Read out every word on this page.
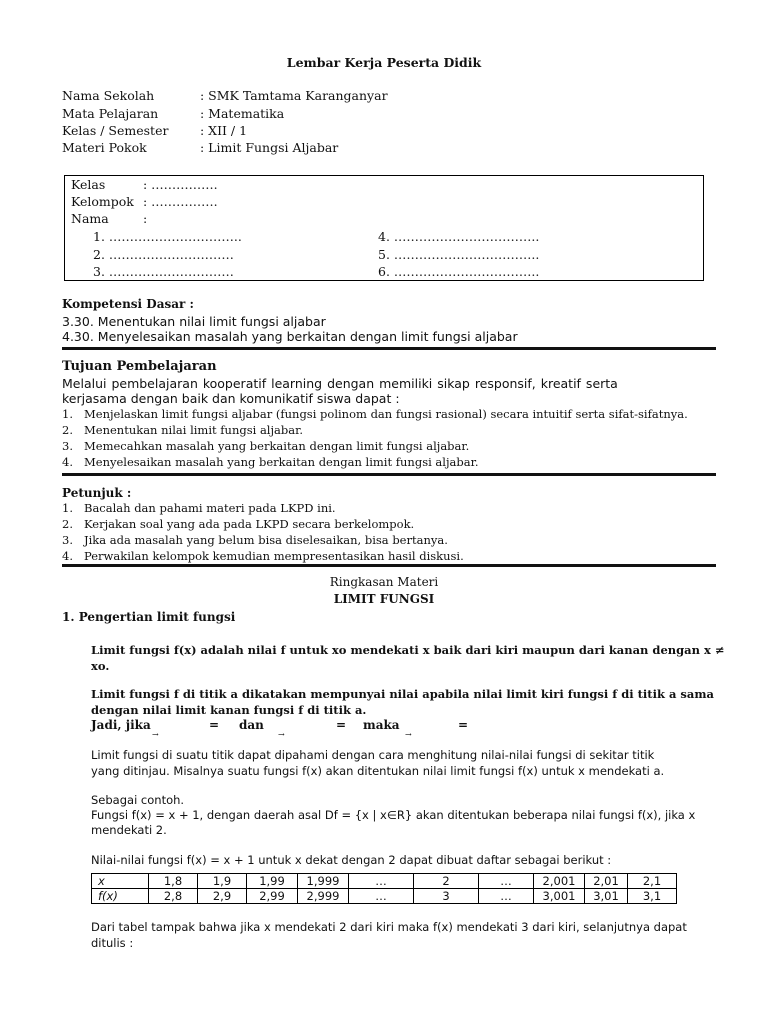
Lembar Kerja Peserta Didik
Nama Sekolah	: SMK Tamtama Karanganyar
Mata Pelajaran	: Matematika
Kelas / Semester	: XII / 1
Materi Pokok	: Limit Fungsi Aljabar
Kelas	: …………….
Kelompok : …………….
Nama	:
1. …………………………..
2. …………………………
3. …………………………
4. ……………………………..
5. ……………………………..
6. ……………………………..
Kompetensi Dasar :
3.30. Menentukan nilai limit fungsi aljabar
4.30. Menyelesaikan masalah yang berkaitan dengan limit fungsi aljabar
Tujuan Pembelajaran
Melalui pembelajaran kooperatif learning dengan memiliki sikap responsif, kreatif serta
kerjasama dengan baik dan komunikatif siswa dapat :
1. Menjelaskan limit fungsi aljabar (fungsi polinom dan fungsi rasional) secara intuitif serta sifat-sifatnya.
2. Menentukan nilai limit fungsi aljabar.
3. Memecahkan masalah yang berkaitan dengan limit fungsi aljabar.
4. Menyelesaikan masalah yang berkaitan dengan limit fungsi aljabar.
Petunjuk :
1. Bacalah dan pahami materi pada LKPD ini.
2. Kerjakan soal yang ada pada LKPD secara berkelompok.
3. Jika ada masalah yang belum bisa diselesaikan, bisa bertanya.
4. Perwakilan kelompok kemudian mempresentasikan hasil diskusi.
Ringkasan Materi
LIMIT FUNGSI
1. Pengertian limit fungsi
Limit fungsi f(x) adalah nilai f untuk xo mendekati x baik dari kiri maupun dari kanan dengan x ≠
xo.
Limit fungsi f di titik a dikatakan mempunyai nilai apabila nilai limit kiri fungsi f di titik a sama
dengan nilai limit kanan fungsi f di titik a.
Jadi, jika
→
= dan
→
= maka
→
=
Limit fungsi di suatu titik dapat dipahami dengan cara menghitung nilai-nilai fungsi di sekitar titik
yang ditinjau. Misalnya suatu fungsi f(x) akan ditentukan nilai limit fungsi f(x) untuk x mendekati a.
Sebagai contoh.
Fungsi f(x) = x + 1, dengan daerah asal Df = {x | x∈R} akan ditentukan beberapa nilai fungsi f(x), jika x
mendekati 2.
Nilai-nilai fungsi f(x) = x + 1 untuk x dekat dengan 2 dapat dibuat daftar sebagai berikut :
x	1,8	1,9	1,99	1,999	…	2	…	2,001	2,01	2,1
f(x)	2,8	2,9	2,99	2,999	…	3	…	3,001	3,01	3,1
Dari tabel tampak bahwa jika x mendekati 2 dari kiri maka f(x) mendekati 3 dari kiri, selanjutnya dapat
ditulis :
